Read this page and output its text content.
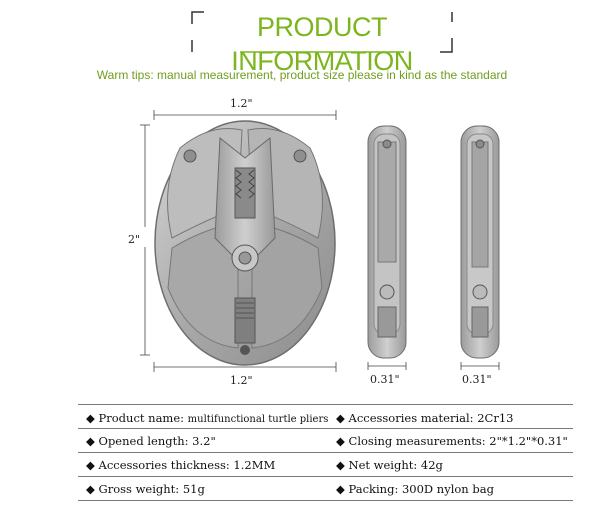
PRODUCT INFORMATION
Warm tips: manual measurement, product size please in kind as the standard
1.2"
2"
1.2"	0.31"	0.31"
◆ Product name: multifunctional turtle pliers ◆ Accessories material: 2Cr13
◆ Opened length: 3.2"	◆ Closing measurements: 2"*1.2"*0.31"
◆ Accessories thickness: 1.2MM	◆ Net weight: 42g
◆ Gross weight: 51g	◆ Packing: 300D nylon bag
